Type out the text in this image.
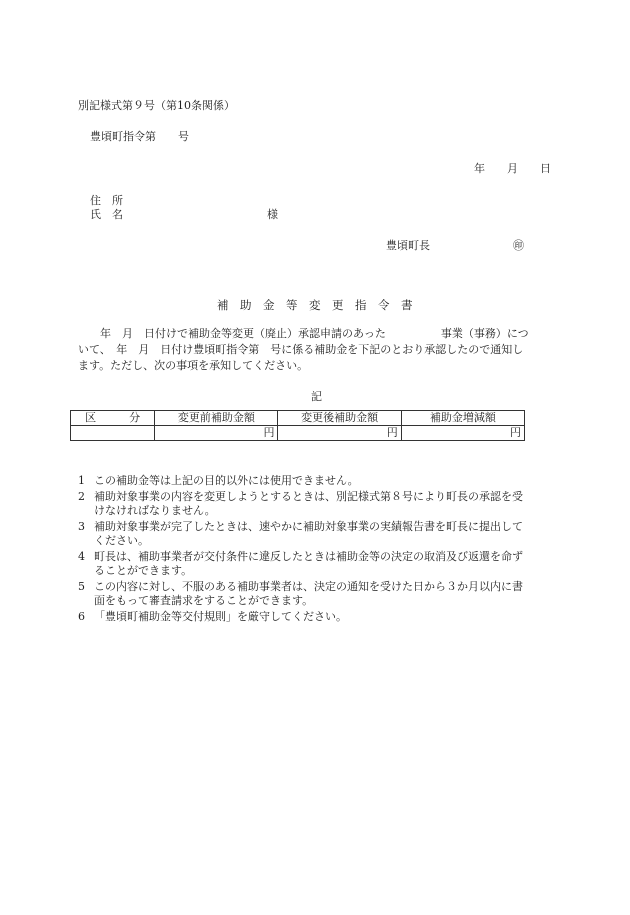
別記様式第９号（第10条関係）
豊頃町指令第　　号
年　　月　　日
住　所
氏　名	様
豊頃町長	㊞
補　助　金　等　変　更　指　令　書
　　年　月　日付けで補助金等変更（廃止）承認申請のあった　　　　　事業（事務）につ
いて、　年　月　日付け豊頃町指令第　号に係る補助金を下記のとおり承認したので通知し
ます。ただし、次の事項を承知してください。
記
区　　　分	変更前補助金額	変更後補助金額	補助金増減額
	円	円	円
1 この補助金等は上記の目的以外には使用できません。
2 補助対象事業の内容を変更しようとするときは、別記様式第８号により町長の承認を受
けなければなりません。
3 補助対象事業が完了したときは、速やかに補助対象事業の実績報告書を町長に提出して
ください。
4 町長は、補助事業者が交付条件に違反したときは補助金等の決定の取消及び返還を命ず
ることができます。
5 この内容に対し、不服のある補助事業者は、決定の通知を受けた日から３か月以内に書
面をもって審査請求をすることができます。
6 「豊頃町補助金等交付規則」を厳守してください。
